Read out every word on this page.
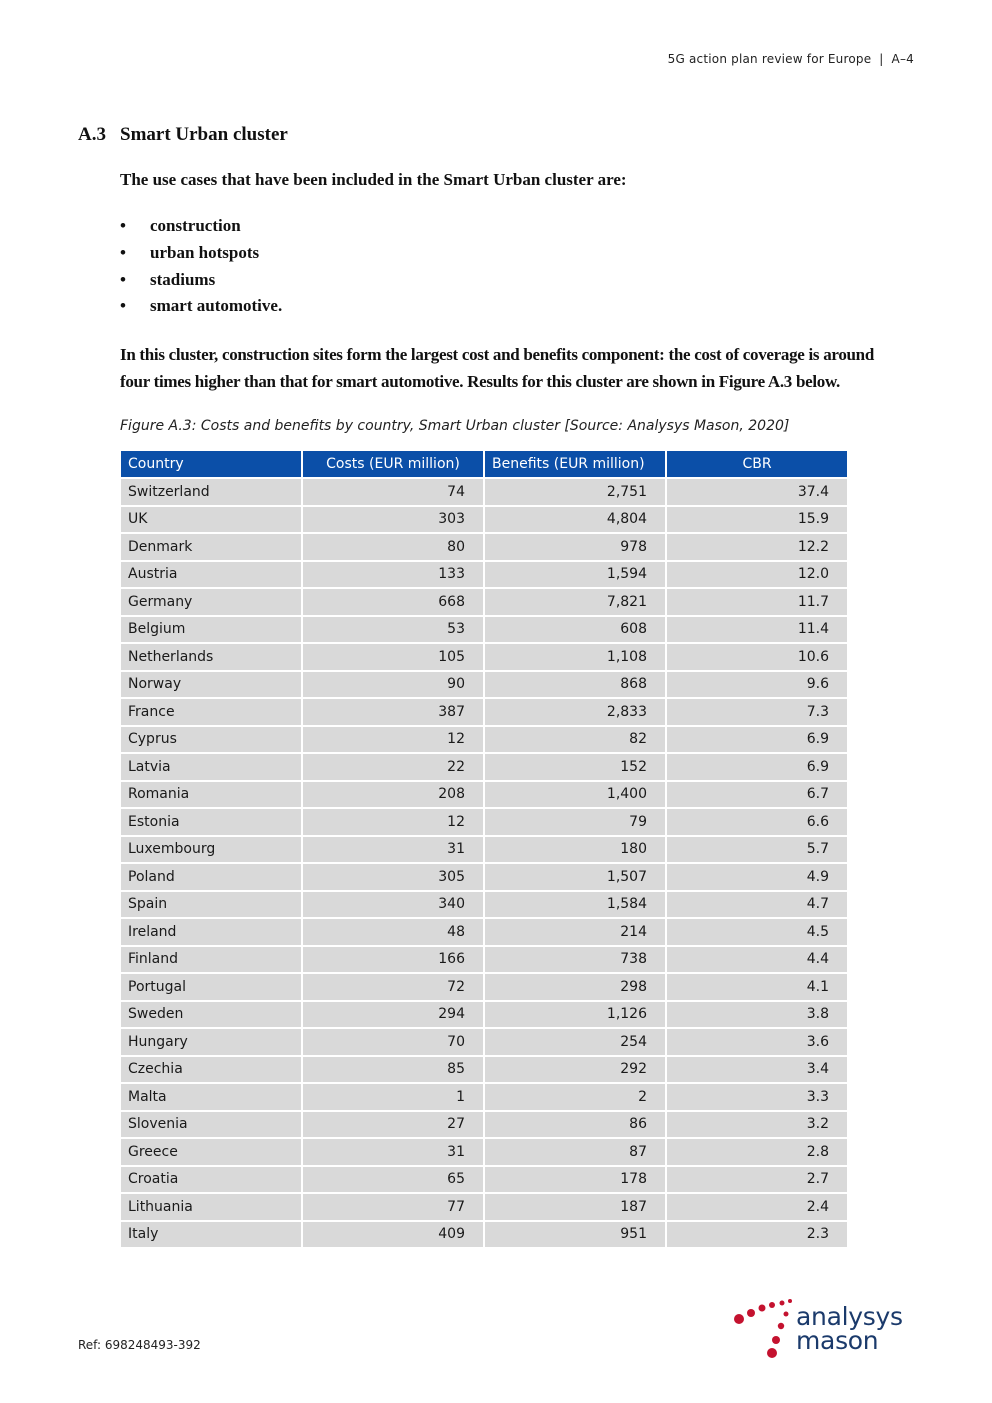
5G action plan review for Europe | A–4
A.3 Smart Urban cluster
The use cases that have been included in the Smart Urban cluster are:
• construction
• urban hotspots
• stadiums
• smart automotive.
In this cluster, construction sites form the largest cost and benefits component: the cost of coverage is around four times higher than that for smart automotive. Results for this cluster are shown in Figure A.3 below.
Figure A.3: Costs and benefits by country, Smart Urban cluster [Source: Analysys Mason, 2020]
Country	Costs (EUR million)	Benefits (EUR million)	CBR
Switzerland	74	2,751	37.4
UK	303	4,804	15.9
Denmark	80	978	12.2
Austria	133	1,594	12.0
Germany	668	7,821	11.7
Belgium	53	608	11.4
Netherlands	105	1,108	10.6
Norway	90	868	9.6
France	387	2,833	7.3
Cyprus	12	82	6.9
Latvia	22	152	6.9
Romania	208	1,400	6.7
Estonia	12	79	6.6
Luxembourg	31	180	5.7
Poland	305	1,507	4.9
Spain	340	1,584	4.7
Ireland	48	214	4.5
Finland	166	738	4.4
Portugal	72	298	4.1
Sweden	294	1,126	3.8
Hungary	70	254	3.6
Czechia	85	292	3.4
Malta	1	2	3.3
Slovenia	27	86	3.2
Greece	31	87	2.8
Croatia	65	178	2.7
Lithuania	77	187	2.4
Italy	409	951	2.3
Ref: 698248493-392
analysys
mason
